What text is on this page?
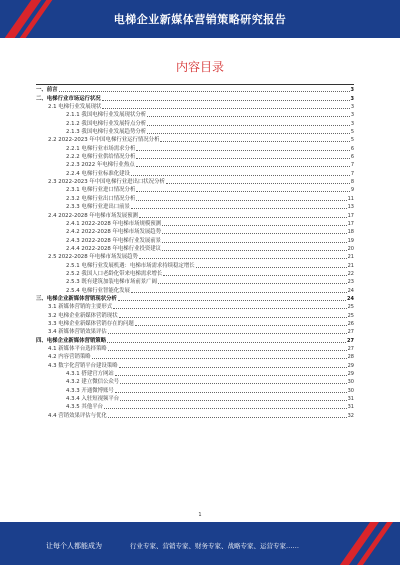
电梯企业新媒体营销策略研究报告
内容目录
一、前言	3
二、电梯行业市场运行状况	3
2.1 电梯行业发展现状	3
2.1.1 我国电梯行业发展现状分析	3
2.1.2 我国电梯行业发展特点分析	3
2.1.3 我国电梯行业发展趋势分析	5
2.2 2022-2023 年中国电梯行业运行情况分析	5
2.2.1 电梯行业市场需求分析	6
2.2.2 电梯行业供给情况分析	6
2.2.3 2022 年电梯行业热点	7
2.2.4 电梯行业标准化建设	7
2.3 2022-2023 年中国电梯行业进出口状况分析	8
2.3.1 电梯行业进口情况分析	9
2.3.2 电梯行业出口情况分析	11
2.3.3 电梯行业进出口前景	13
2.4 2022-2028 年电梯市场发展预测	17
2.4.1 2022-2028 年电梯市场规模预测	17
2.4.2 2022-2028 年电梯市场发展趋势	18
2.4.3 2022-2028 年电梯行业发展前景	19
2.4.4 2022-2028 年电梯行业投资建议	20
2.5 2022-2028 年电梯市场发展趋势	21
2.5.1 电梯行业发展机遇：电梯市场需求持续稳定增长	21
2.5.2 我国人口老龄化带来电梯需求增长	22
2.5.3 既有建筑加装电梯市场前景广阔	23
2.5.4 电梯行业智能化发展	24
三、电梯企业新媒体营销现状分析	24
3.1 新媒体营销的主要形式	25
3.2 电梯企业新媒体营销现状	25
3.3 电梯企业新媒体营销存在的问题	26
3.4 新媒体营销效果评估	27
四、电梯企业新媒体营销策略	27
4.1 新媒体平台选择策略	27
4.2 内容营销策略	28
4.3 数字化营销平台建设策略	29
4.3.1 搭建官方网站	29
4.3.2 建立微信公众号	30
4.3.3 开通微博账号	30
4.3.4 入驻短视频平台	31
4.3.5 其他平台	31
4.4 营销效果评估与优化	32
1
让每个人都能成为	行业专家、营销专家、财务专家、战略专家、运营专家……
